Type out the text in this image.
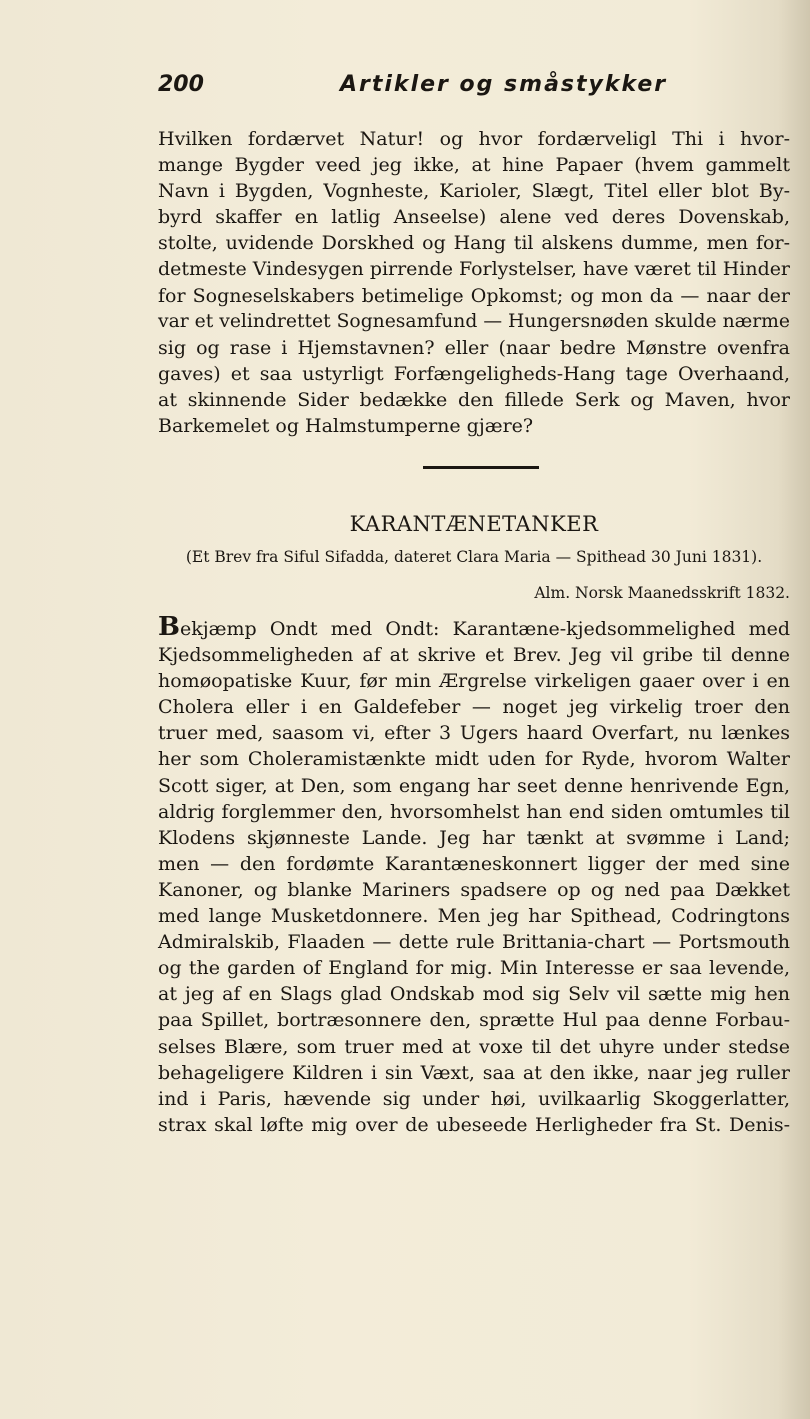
200	Artikler og småstykker
Hvilken fordærvet Natur! og hvor fordærveligl Thi i hvor-
mange Bygder veed jeg ikke, at hine Papaer (hvem gammelt
Navn i Bygden, Vognheste, Karioler, Slægt, Titel eller blot By-
byrd skaffer en latlig Anseelse) alene ved deres Dovenskab,
stolte, uvidende Dorskhed og Hang til alskens dumme, men for-
detmeste Vindesygen pirrende Forlystelser, have været til Hinder
for Sogneselskabers betimelige Opkomst; og mon da — naar der
var et velindrettet Sognesamfund — Hungersnøden skulde nærme
sig og rase i Hjemstavnen? eller (naar bedre Mønstre ovenfra
gaves) et saa ustyrligt Forfængeligheds-Hang tage Overhaand,
at skinnende Sider bedække den fillede Serk og Maven, hvor
Barkemelet og Halmstumperne gjære?
KARANTÆNETANKER
(Et Brev fra Siful Sifadda, dateret Clara Maria — Spithead 30 Juni 1831).
Alm. Norsk Maanedsskrift 1832.
Bekjæmp Ondt med Ondt: Karantæne-kjedsommelighed med
Kjedsommeligheden af at skrive et Brev. Jeg vil gribe til denne
homøopatiske Kuur, før min Ærgrelse virkeligen gaaer over i en
Cholera eller i en Galdefeber — noget jeg virkelig troer den
truer med, saasom vi, efter 3 Ugers haard Overfart, nu lænkes
her som Choleramistænkte midt uden for Ryde, hvorom Walter
Scott siger, at Den, som engang har seet denne henrivende Egn,
aldrig forglemmer den, hvorsomhelst han end siden omtumles til
Klodens skjønneste Lande. Jeg har tænkt at svømme i Land;
men — den fordømte Karantæneskonnert ligger der med sine
Kanoner, og blanke Mariners spadsere op og ned paa Dækket
med lange Musketdonnere. Men jeg har Spithead, Codringtons
Admiralskib, Flaaden — dette rule Brittania-chart — Portsmouth
og the garden of England for mig. Min Interesse er saa levende,
at jeg af en Slags glad Ondskab mod sig Selv vil sætte mig hen
paa Spillet, bortræsonnere den, sprætte Hul paa denne Forbau-
selses Blære, som truer med at voxe til det uhyre under stedse
behageligere Kildren i sin Væxt, saa at den ikke, naar jeg ruller
ind i Paris, hævende sig under høi, uvilkaarlig Skoggerlatter,
strax skal løfte mig over de ubeseede Herligheder fra St. Denis-
